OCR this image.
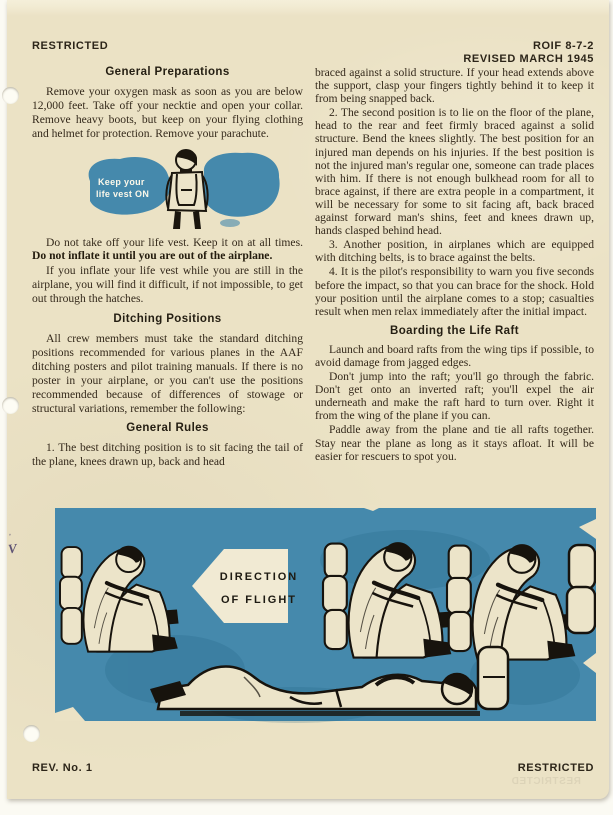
RESTRICTED	ROIF 8-7-2
REVISED MARCH 1945
General Preparations

Remove your oxygen mask as soon as you are below 12,000 feet. Take off your necktie and open your collar. Remove heavy boots, but keep on your flying clothing and helmet for protection. Remove your parachute.

Keep your
life vest ON

Do not take off your life vest. Keep it on at all times. Do not inflate it until you are out of the airplane.

If you inflate your life vest while you are still in the airplane, you will find it difficult, if not impossible, to get out through the hatches.

Ditching Positions

All crew members must take the standard ditching positions recommended for various planes in the AAF ditching posters and pilot training manuals. If there is no poster in your airplane, or you can't use the positions recommended because of differences of stowage or structural variations, remember the following:

General Rules

1. The best ditching position is to sit facing the tail of the plane, knees drawn up, back and head

braced against a solid structure. If your head extends above the support, clasp your fingers tightly behind it to keep it from being snapped back.

2. The second position is to lie on the floor of the plane, head to the rear and feet firmly braced against a solid structure. Bend the knees slightly. The best position for an injured man depends on his injuries. If the best position is not the injured man's regular one, someone can trade places with him. If there is not enough bulkhead room for all to brace against, if there are extra people in a compartment, it will be necessary for some to sit facing aft, back braced against forward man's shins, feet and knees drawn up, hands clasped behind head.

3. Another position, in airplanes which are equipped with ditching belts, is to brace against the belts.

4. It is the pilot's responsibility to warn you five seconds before the impact, so that you can brace for the shock. Hold your position until the airplane comes to a stop; casualties result when men relax immediately after the initial impact.

Boarding the Life Raft

Launch and board rafts from the wing tips if possible, to avoid damage from jagged edges.

Don't jump into the raft; you'll go through the fabric. Don't get onto an inverted raft; you'll expel the air underneath and make the raft hard to turn over. Right it from the wing of the plane if you can.

Paddle away from the plane and tie all rafts together. Stay near the plane as long as it stays afloat. It will be easier for rescuers to spot you.

DIRECTION
OF FLIGHT
REV. No. 1	RESTRICTED
RESTRICTED
' V
